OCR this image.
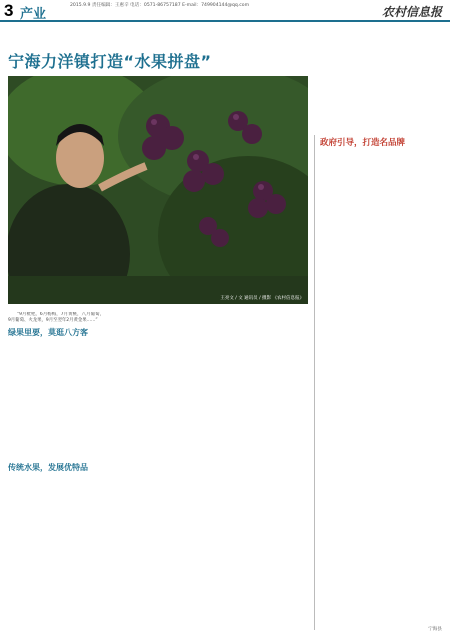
3 产业
2015.9.9 责任编辑：王惠辛 电话：0571-86757187 E-mail：749904144@qq.com	农村信息报
宁海力洋镇打造“水果拼盘”
王亮文 / 文 通讯员 / 摄影 《农村信息报》

“9月枇杷，6月杨梅，7月黄桃，八月葡萄，9月葡萄、火龙果，9月至翌年2月黄金果……”

绿果里要，莫逛八方客
传统水果，发展优特品
政府引导，打造名品牌
宁海县
